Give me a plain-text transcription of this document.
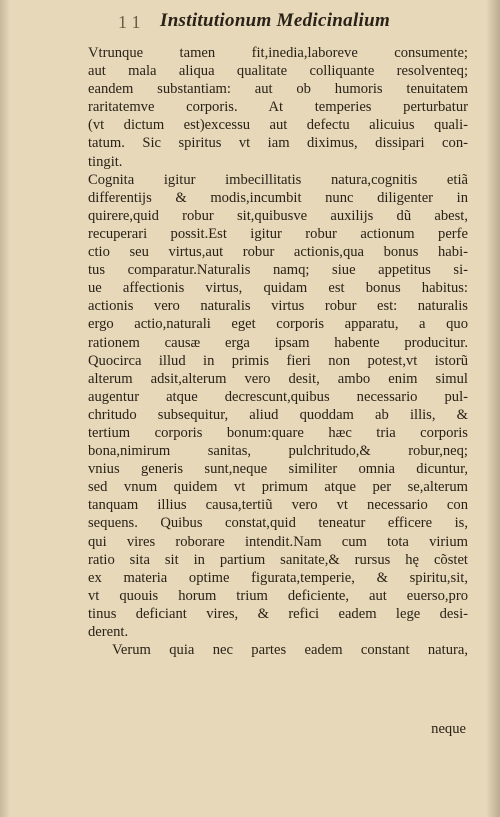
1 1 Institutionum Medicinalium
Vtrunque tamen fit,inedia,laboreve consumente;
aut mala aliqua qualitate colliquante resolventeq;
eandem substantiam: aut ob humoris tenuitatem
raritatemve corporis. At temperies perturbatur
(vt dictum est)excessu aut defectu alicuius quali-
tatum. Sic spiritus vt iam diximus, dissipari con-
tingit.
Cognita igitur imbecillitatis natura,cognitis etiã
differentijs & modis,incumbit nunc diligenter in
quirere,quid robur sit,quibusve auxilijs dũ abest,
recuperari possit.Est igitur robur actionum perfe
ctio seu virtus,aut robur actionis,qua bonus habi-
tus comparatur.Naturalis namq; siue appetitus si-
ue affectionis virtus, quidam est bonus habitus:
actionis vero naturalis virtus robur est: naturalis
ergo actio,naturali eget corporis apparatu, a quo
rationem causæ erga ipsam habente producitur.
Quocirca illud in primis fieri non potest,vt istorũ
alterum adsit,alterum vero desit, ambo enim simul
augentur atque decrescunt,quibus necessario pul-
chritudo subsequitur, aliud quoddam ab illis, &
tertium corporis bonum:quare hæc tria corporis
bona,nimirum sanitas, pulchritudo,& robur,neq;
vnius generis sunt,neque similiter omnia dicuntur,
sed vnum quidem vt primum atque per se,alterum
tanquam illius causa,tertiũ vero vt necessario con
sequens. Quibus constat,quid teneatur efficere is,
qui vires roborare intendit.Nam cum tota virium
ratio sita sit in partium sanitate,& rursus hę cõstet
ex materia optime figurata,temperie, & spiritu,sit,
vt quouis horum trium deficiente, aut euerso,pro
tinus deficiant vires, & refici eadem lege desi-
derent.
Verum quia nec partes eadem constant natura,
neque
